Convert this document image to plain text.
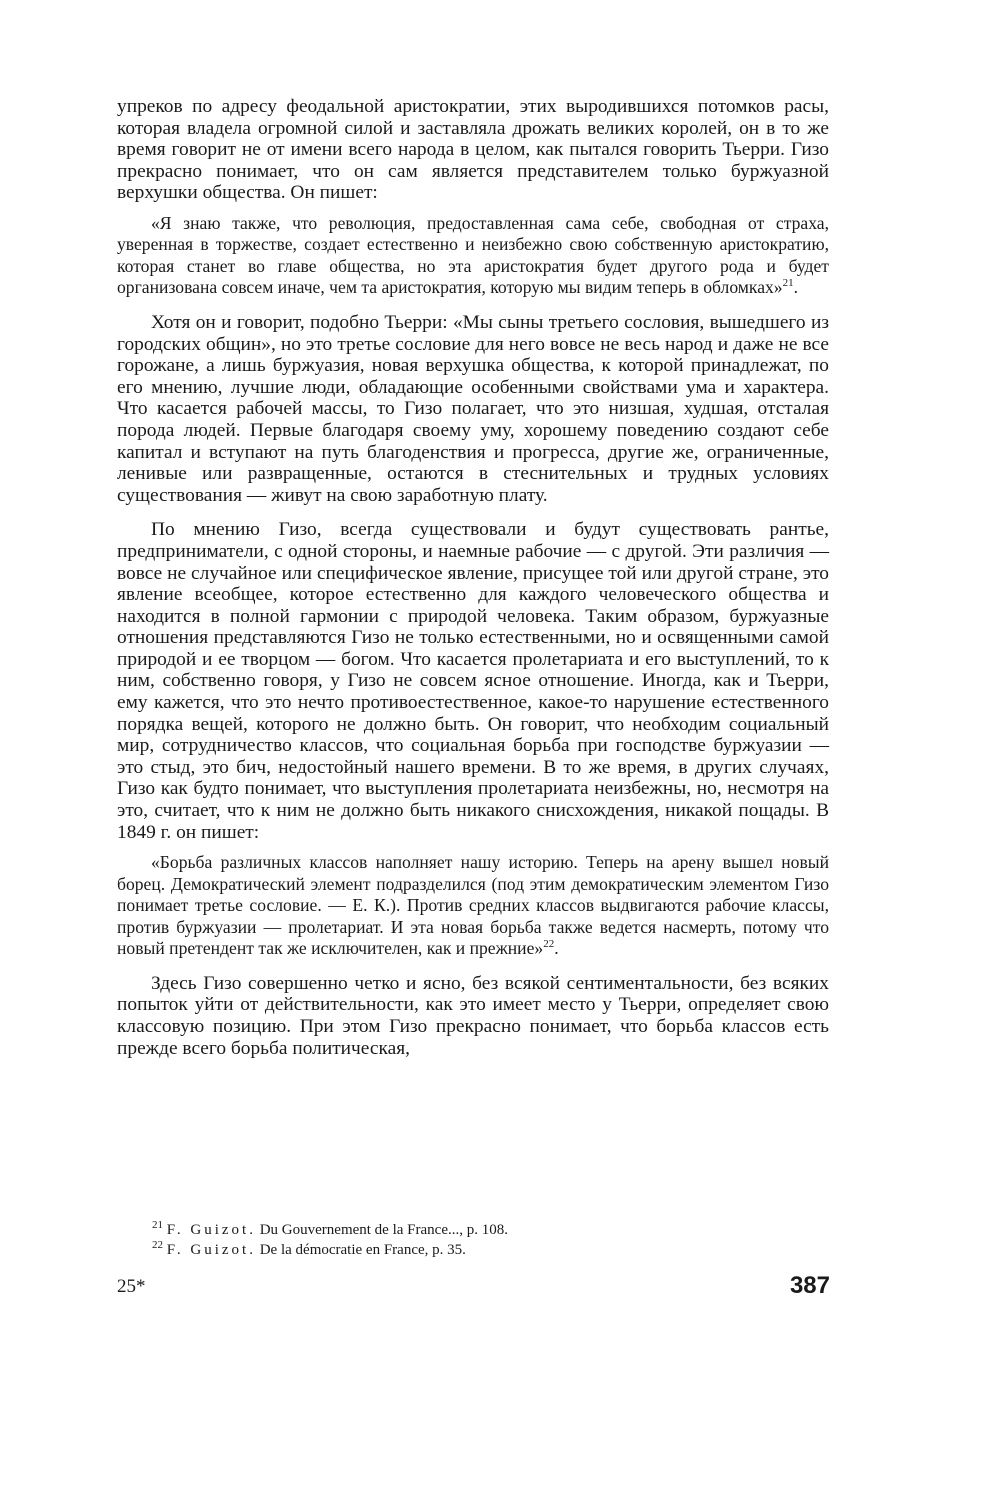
упреков по адресу феодальной аристократии, этих выродившихся потомков расы, которая владела огромной силой и заставляла дрожать великих королей, он в то же время говорит не от имени всего народа в целом, как пытался говорить Тьерри. Гизо прекрасно понимает, что он сам является представителем только буржуазной верхушки общества. Он пишет:

«Я знаю также, что революция, предоставленная сама себе, свободная от страха, уверенная в торжестве, создает естественно и неизбежно свою собственную аристократию, которая станет во главе общества, но эта аристократия будет другого рода и будет организована совсем иначе, чем та аристократия, которую мы видим теперь в обломках»$^{21}$.

Хотя он и говорит, подобно Тьерри: «Мы сыны третьего сословия, вышедшего из городских общин», но это третье сословие для него вовсе не весь народ и даже не все горожане, а лишь буржуазия, новая верхушка общества, к которой принадлежат, по его мнению, лучшие люди, обладающие особенными свойствами ума и характера. Что касается рабочей массы, то Гизо полагает, что это низшая, худшая, отсталая порода людей. Первые благодаря своему уму, хорошему поведению создают себе капитал и вступают на путь благоденствия и прогресса, другие же, ограниченные, ленивые или развращенные, остаются в стеснительных и трудных условиях существования — живут на свою заработную плату.

По мнению Гизо, всегда существовали и будут существовать рантье, предприниматели, с одной стороны, и наемные рабочие — с другой. Эти различия — вовсе не случайное или специфическое явление, присущее той или другой стране, это явление всеобщее, которое естественно для каждого человеческого общества и находится в полной гармонии с природой человека. Таким образом, буржуазные отношения представляются Гизо не только естественными, но и освященными самой природой и ее творцом — богом. Что касается пролетариата и его выступлений, то к ним, собственно говоря, у Гизо не совсем ясное отношение. Иногда, как и Тьерри, ему кажется, что это нечто противоестественное, какое-то нарушение естественного порядка вещей, которого не должно быть. Он говорит, что необходим социальный мир, сотрудничество классов, что социальная борьба при господстве буржуазии — это стыд, это бич, недостойный нашего времени. В то же время, в других случаях, Гизо как будто понимает, что выступления пролетариата неизбежны, но, несмотря на это, считает, что к ним не должно быть никакого снисхождения, никакой пощады. В 1849 г. он пишет:

«Борьба различных классов наполняет нашу историю. Теперь на арену вышел новый борец. Демократический элемент подразделился (под этим демократическим элементом Гизо понимает третье сословие. — Е. К.). Против средних классов выдвигаются рабочие классы, против буржуазии — пролетариат. И эта новая борьба также ведется насмерть, потому что новый претендент так же исключителен, как и прежние»$^{22}$.

Здесь Гизо совершенно четко и ясно, без всякой сентиментальности, без всяких попыток уйти от действительности, как это имеет место у Тьерри, определяет свою классовую позицию. При этом Гизо прекрасно понимает, что борьба классов есть прежде всего борьба политическая,

$^{21}$ F. Guizot. Du Gouvernement de la France..., p. 108.

$^{22}$ F. Guizot. De la démocratie en France, p. 35.

25*	387
